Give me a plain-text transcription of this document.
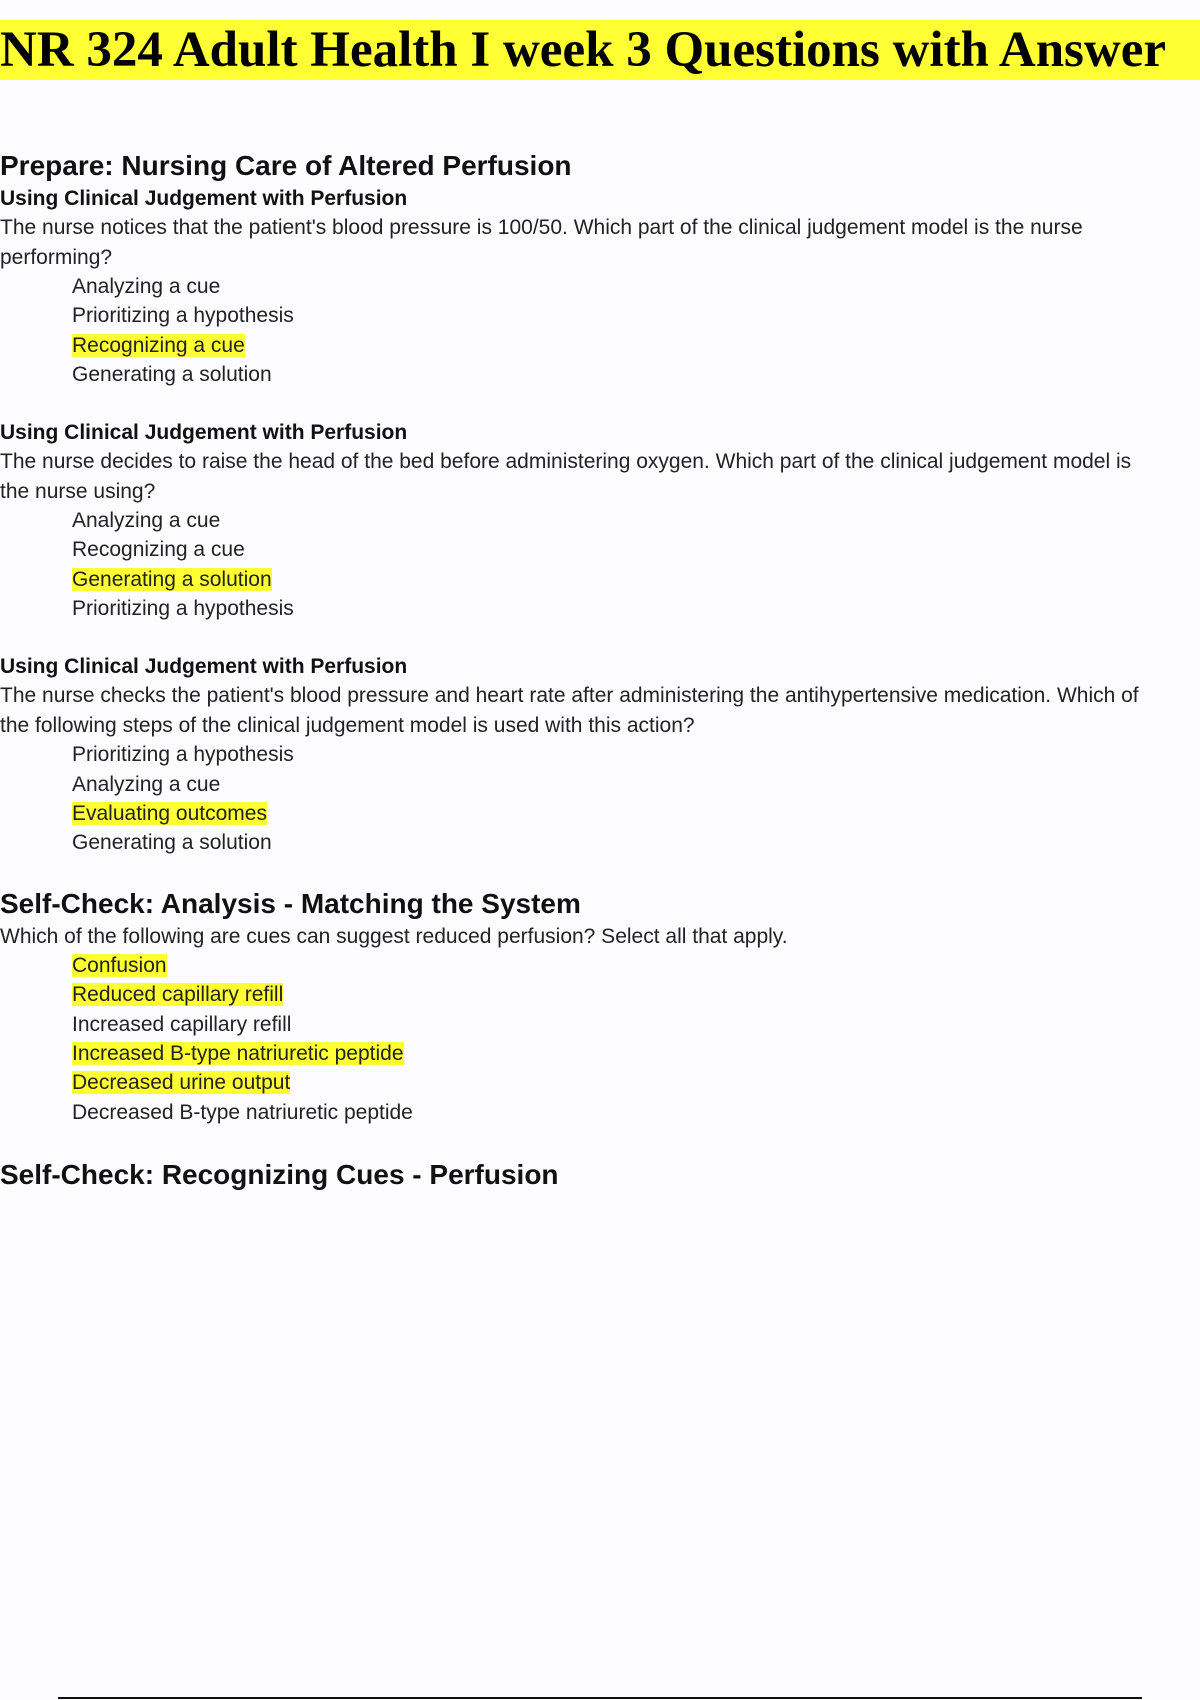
NR 324 Adult Health I week 3 Questions with Answer
Prepare: Nursing Care of Altered Perfusion
Using Clinical Judgement with Perfusion

The nurse notices that the patient's blood pressure is 100/50. Which part of the clinical judgement model is the nurse

performing?

Analyzing a cue
Prioritizing a hypothesis
Recognizing a cue
Generating a solution
Using Clinical Judgement with Perfusion

The nurse decides to raise the head of the bed before administering oxygen. Which part of the clinical judgement model is

the nurse using?

Analyzing a cue
Recognizing a cue
Generating a solution
Prioritizing a hypothesis
Using Clinical Judgement with Perfusion

The nurse checks the patient's blood pressure and heart rate after administering the antihypertensive medication. Which of

the following steps of the clinical judgement model is used with this action?

Prioritizing a hypothesis
Analyzing a cue
Evaluating outcomes
Generating a solution
Self-Check: Analysis - Matching the System

Which of the following are cues can suggest reduced perfusion? Select all that apply.

Confusion
Reduced capillary refill
Increased capillary refill
Increased B-type natriuretic peptide
Decreased urine output
Decreased B-type natriuretic peptide
Self-Check: Recognizing Cues - Perfusion
